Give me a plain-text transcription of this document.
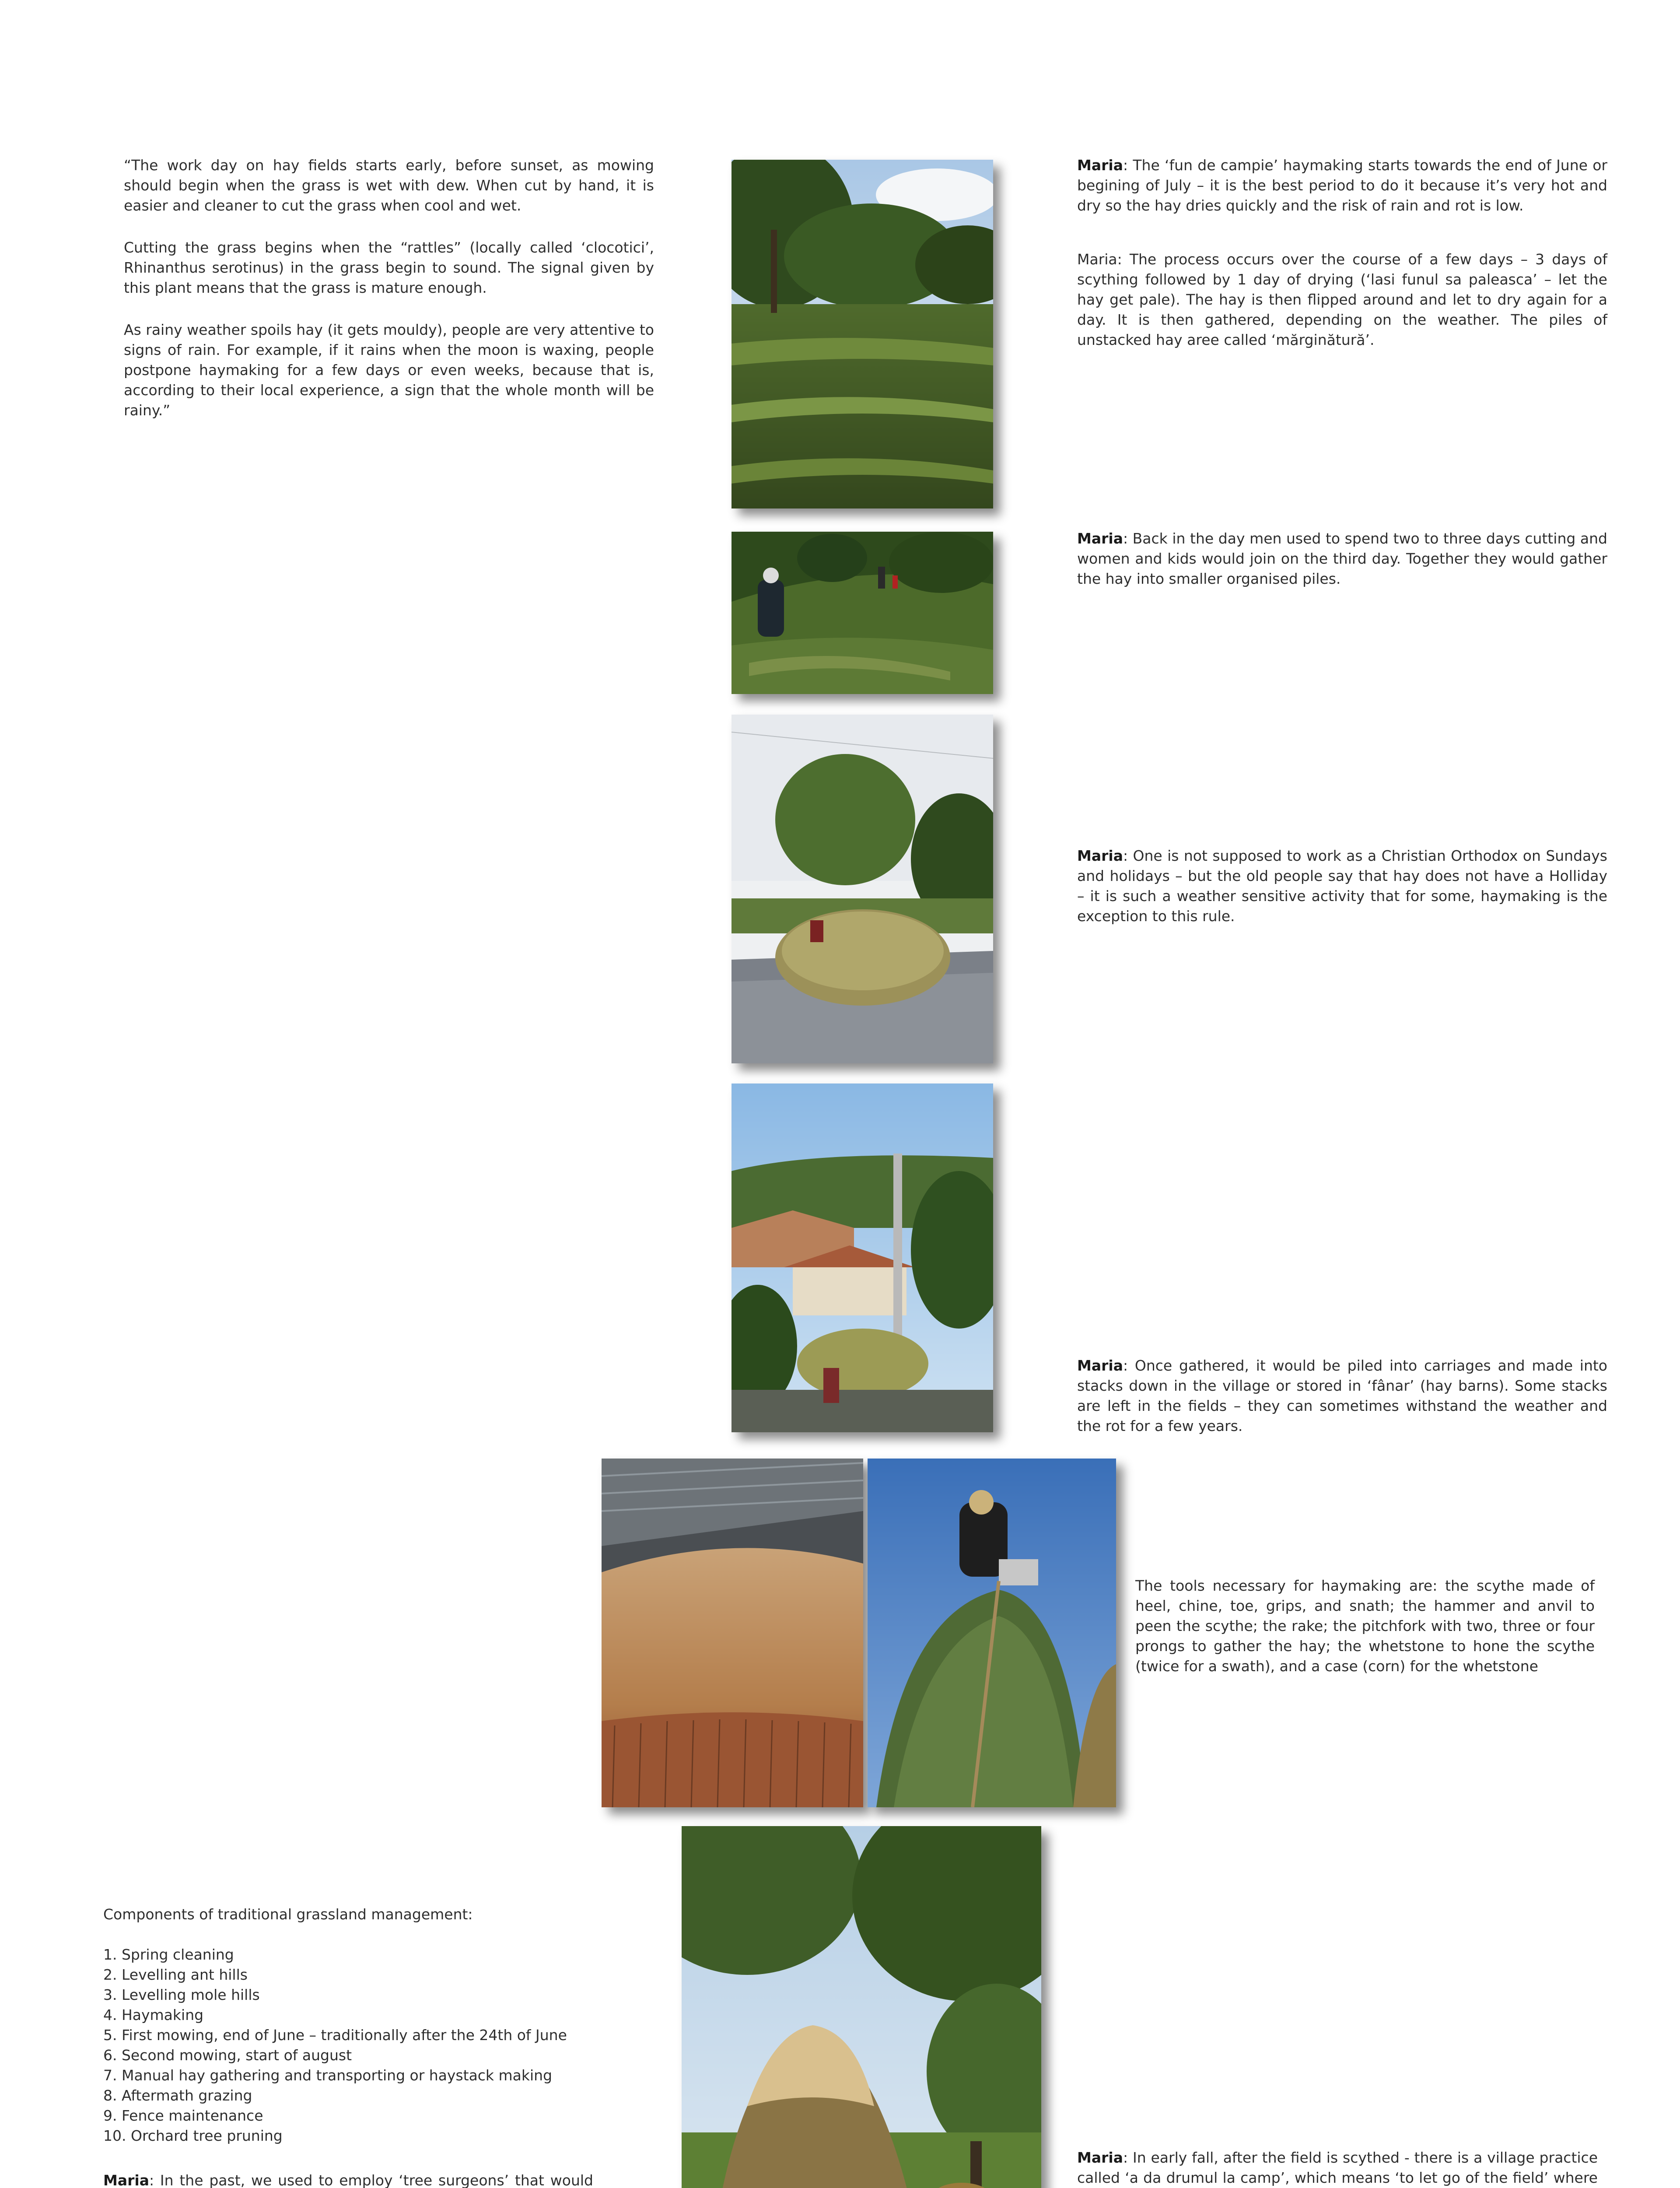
“The work day on hay fields starts early, before sunset, as mowing should begin when the grass is wet with dew. When cut by hand, it is easier and cleaner to cut the grass when cool and wet.

Cutting the grass begins when the “rattles” (locally called ‘clocotici’, Rhinanthus serotinus) in the grass begin to sound. The signal given by this plant means that the grass is mature enough.

As rainy weather spoils hay (it gets mouldy), people are very attentive to signs of rain. For example, if it rains when the moon is waxing, people postpone haymaking for a few days or even weeks, because that is, according to their local experience, a sign that the whole month will be rainy.”

Maria: The ‘fun de campie’ haymaking starts towards the end of June or begining of July – it is the best period to do it because it’s very hot and dry so the hay dries quickly and the risk of rain and rot is low.

Maria: The process occurs over the course of a few days – 3 days of scything followed by 1 day of drying (‘lasi funul sa paleasca’ – let the hay get pale). The hay is then flipped around and let to dry again for a day. It is then gathered, depending on the weather. The piles of unstacked hay aree called ‘mărginătură’.

Maria: Back in the day men used to spend two to three days cutting and women and kids would join on the third day. Together they would gather the hay into smaller organised piles.

Maria: One is not supposed to work as a Christian Orthodox on Sundays and holidays – but the old people say that hay does not have a Holliday – it is such a weather sensitive activity that for some, haymaking is the exception to this rule.

Maria: Once gathered, it would be piled into carriages and made into stacks down in the village or stored in ‘fânar’ (hay barns). Some stacks are left in the fields – they can sometimes withstand the weather and the rot for a few years.

The tools necessary for haymaking are: the scythe made of heel, chine, toe, grips, and snath; the hammer and anvil to peen the scythe; the rake; the pitchfork with two, three or four prongs to gather the hay; the whetstone to hone the scythe (twice for a swath), and a case (corn) for the whetstone

Components of traditional grassland management:

1. Spring cleaning

2. Levelling ant hills

3. Levelling mole hills

4. Haymaking

5. First mowing, end of June – traditionally after the 24th of June

6. Second mowing, start of august

7. Manual hay gathering and transporting or haystack making

8. Aftermath grazing

9. Fence maintenance

10. Orchard tree pruning

Maria: In the past, we used to employ ‘tree surgeons’ that would

Maria: In early fall, after the field is scythed - there is a village practice called ‘a da drumul la camp’, which means ‘to let go of the field’ where
